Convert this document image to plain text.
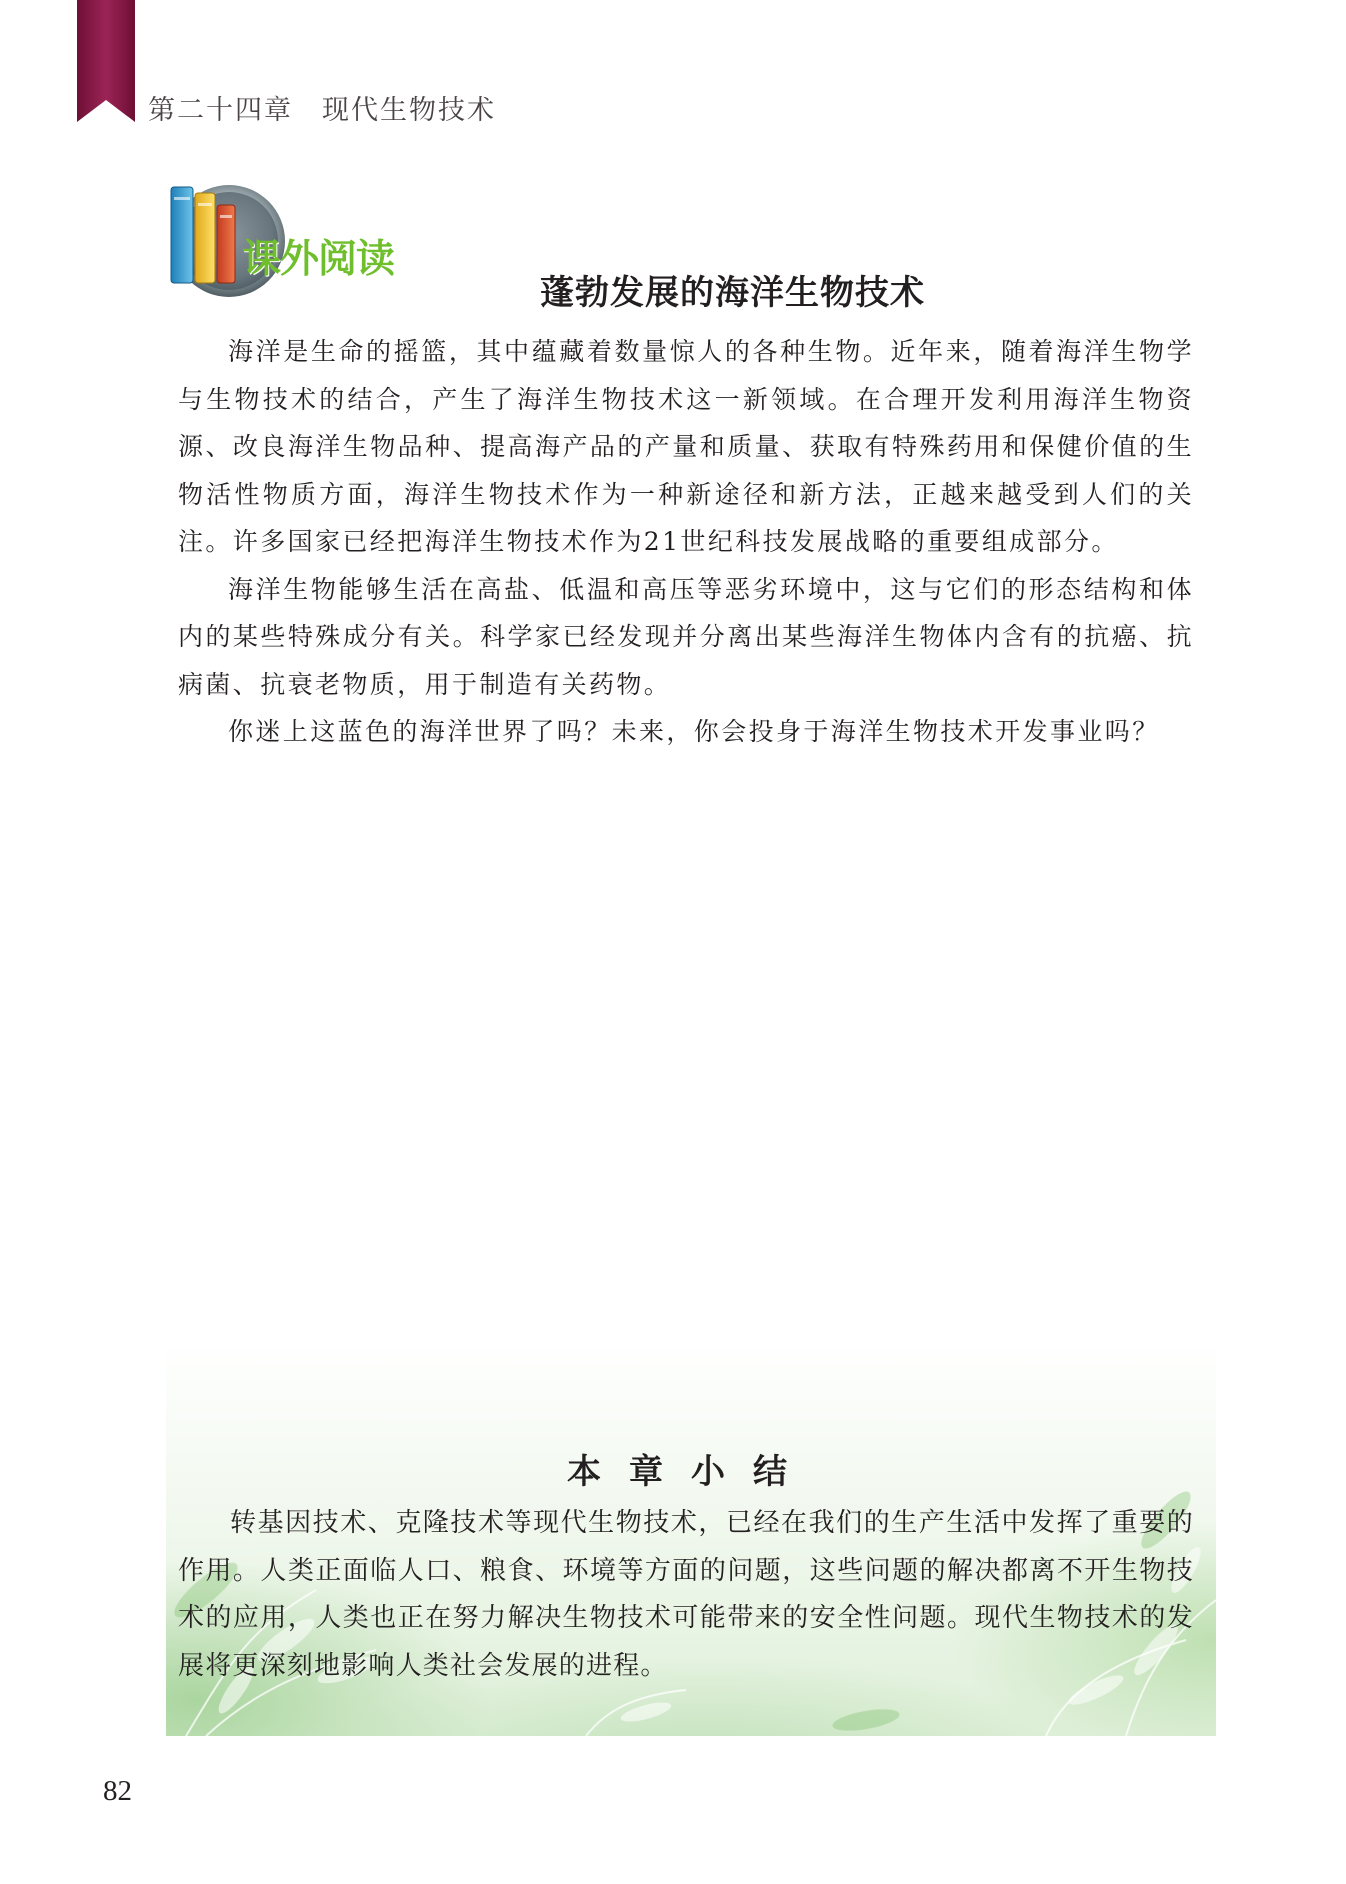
第二十四章　现代生物技术
课外阅读
蓬勃发展的海洋生物技术

海洋是生命的摇篮，其中蕴藏着数量惊人的各种生物。近年来，随着海洋生物学与生物技术的结合，产生了海洋生物技术这一新领域。在合理开发利用海洋生物资源、改良海洋生物品种、提高海产品的产量和质量、获取有特殊药用和保健价值的生物活性物质方面，海洋生物技术作为一种新途径和新方法，正越来越受到人们的关注。许多国家已经把海洋生物技术作为21世纪科技发展战略的重要组成部分。

海洋生物能够生活在高盐、低温和高压等恶劣环境中，这与它们的形态结构和体内的某些特殊成分有关。科学家已经发现并分离出某些海洋生物体内含有的抗癌、抗病菌、抗衰老物质，用于制造有关药物。

你迷上这蓝色的海洋世界了吗？未来，你会投身于海洋生物技术开发事业吗？

本章小结
转基因技术、克隆技术等现代生物技术，已经在我们的生产生活中发挥了重要的作用。人类正面临人口、粮食、环境等方面的问题，这些问题的解决都离不开生物技术的应用，人类也正在努力解决生物技术可能带来的安全性问题。现代生物技术的发展将更深刻地影响人类社会发展的进程。
82
